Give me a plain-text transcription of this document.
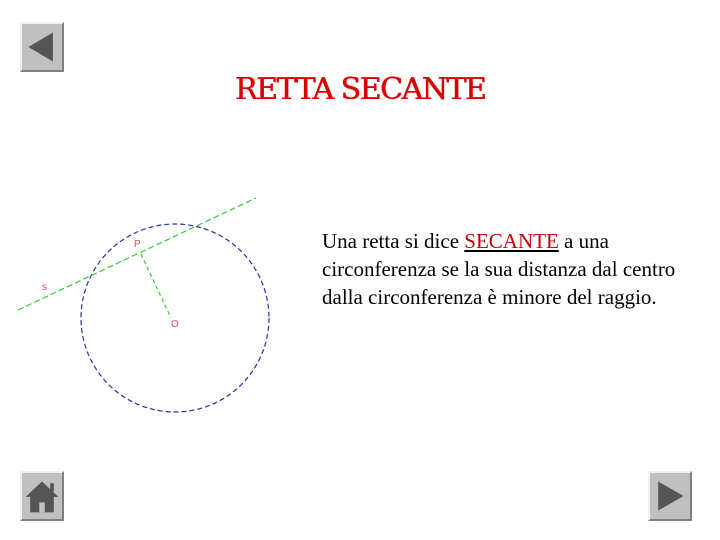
RETTA SECANTE
s
P
O
Una retta si dice SECANTE a una circonferenza se la sua distanza dal centro dalla circonferenza è minore del raggio.
